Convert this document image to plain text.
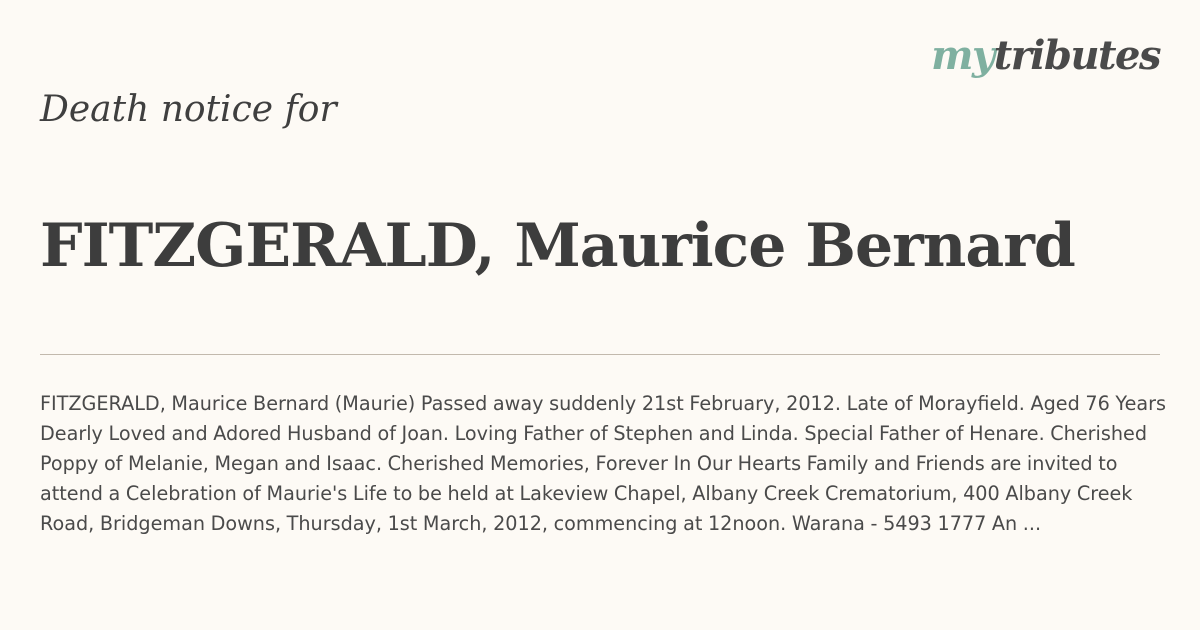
mytributes
Death notice for
FITZGERALD, Maurice Bernard

FITZGERALD, Maurice Bernard (Maurie) Passed away suddenly 21st February, 2012. Late of Morayfield. Aged 76 Years Dearly Loved and Adored Husband of Joan. Loving Father of Stephen and Linda. Special Father of Henare. Cherished Poppy of Melanie, Megan and Isaac. Cherished Memories, Forever In Our Hearts Family and Friends are invited to attend a Celebration of Maurie's Life to be held at Lakeview Chapel, Albany Creek Crematorium, 400 Albany Creek Road, Bridgeman Downs, Thursday, 1st March, 2012, commencing at 12noon. Warana - 5493 1777 An ...
